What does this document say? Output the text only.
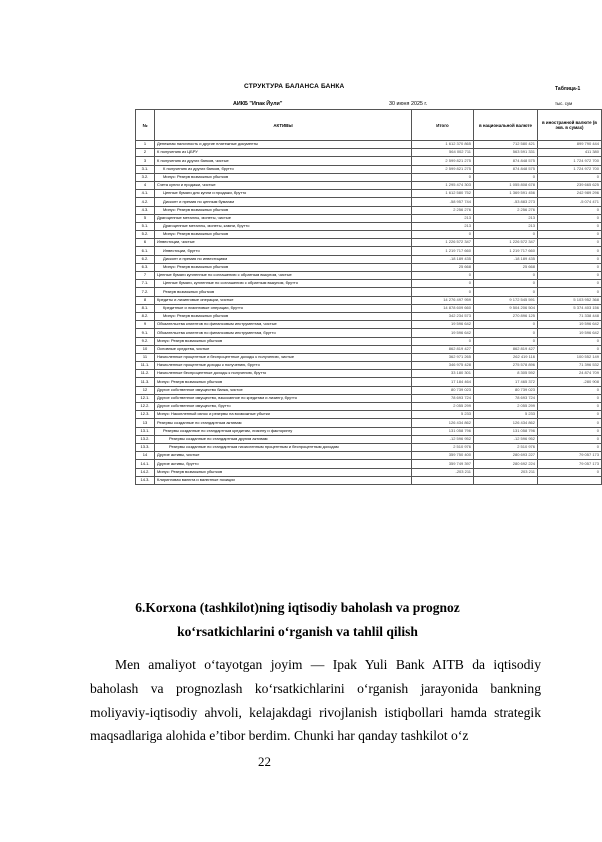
СТРУКТУРА БАЛАНСА БАНКА	Таблица-1
АИКБ "Ипак Йули"	30 июня 2025 г.	тыс. сум
№	АКТИВЫ	Итого	в национальной валюте	в иностранной валюте (в экв. в сумах)
1	Денежная наличность и другие платежные документы	1 612 370 865	712 580 421	899 790 444
2	К получению из ЦБРУ	564 002 711	563 591 331	411 380
3	К получению из других банков, чистые	2 599 821 275	874 848 575	1 724 972 700
3.1.	К получению из других банков, брутто	2 599 821 275	874 848 575	1 724 972 700
3.2.	Минус: Резерв возможных убытков	0	0	0
4	Счета купли и продажи, чистые	1 295 474 303	1 055 808 678	239 665 625
4.1.	Ценные бумаги для купли и продажи, брутто	1 612 580 752	1 369 591 456	242 989 296
4.2.	Дисконт и премия по ценным бумагам	-58 957 744	-53 883 273	-5 074 471
4.3.	Минус: Резерв возможных убытков	2 256 276	2 256 276	0
5	Драгоценные металлы, монеты, чистые	213	213	0
5.1.	Драгоценные металлы, монеты, камни, брутто	213	213	0
5.2.	Минус: Резерв возможных убытков	0	0	0
6	Инвестиции, чистые	1 226 572 347	1 226 572 347	0
6.1.	Инвестиции, брутто	1 219 717 660	1 219 717 660	0
6.2.	Дисконт и премия по инвестициям	-18 189 435	-18 189 435	0
6.3.	Минус: Резерв возможных убытков	25 668	25 668	0
7	Ценные бумаги купленные по соглашению с обратным выкупом, чистые	0	0	0
7.1.	Ценные бумаги, купленные по соглашению с обратным выкупом, брутто	0	0	0
7.2.	Резерв возможных убытков	0	0	0
8	Кредиты и лизинговые операции, чистые	14 276 497 959	9 172 545 591	5 103 952 368
8.1.	Кредитные и лизинговые операции, брутто	14 878 609 660	9 504 206 504	5 374 403 156
8.2.	Минус: Резерв возможных убытков	342 234 573	270 896 125	71 338 448
9	Обязательства клиентов по финансовым инструментам, чистые	19 596 642	0	19 596 642
9.1.	Обязательства клиентов по финансовым инструментам, брутто	19 596 642	0	19 596 642
9.2.	Минус: Резерв возможных убытков	0	0	0
10	Основные средства, чистые	862 819 427	862 819 427	0
11	Начисленные процентные и беспроцентные доходы к получению, чистые	362 971 265	262 419 116	100 552 149
11.1.	Начисленные процентные доходы к получению, брутто	346 975 428	275 578 896	71 396 532
11.2.	Начисленные беспроцентные доходы к получению, брутто	33 180 301	8 305 592	24 874 709
11.3.	Минус: Резерв возможных убытков	17 184 464	17 465 372	-280 908
12	Другое собственное имущество банка, чистое	80 739 023	80 739 023	0
12.1.	Другое собственное имущество, взысканное по кредитам и лизингу, брутто	78 693 724	78 693 724	0
12.2.	Другое собственное имущество, брутто	2 055 299	2 055 299	0
12.3.	Минус: Накопленный износ и резервы на возможные убытки	5 233	5 233	0
13	Резервы созданные по стандартным активам	126 434 862	126 434 862	0
13.1.	Резервы созданные по стандартным кредитам, лизингу и факторингу	131 058 796	131 058 796	0
13.2.	Резервы созданные по стандартным другим активам	-12 596 952	-12 596 952	0
13.3.	Резервы созданные по стандартным начисленным процентным и беспроцентным доходам	2 510 976	2 510 976	0
14	Другие активы, чистые	359 750 400	280 693 227	79 057 173
14.1.	Другие активы, брутто	359 749 397	280 692 224	79 057 173
14.2.	Минус: Резерв возможных убытков	-203 211	203 211	0
14.3.	Клиринговая валюта и валютные позиции			
6.Korxona (tashkilot)ning iqtisodiy baholash va prognoz
ko‘rsatkichlarini o‘rganish va tahlil qilish
Men amaliyot o‘tayotgan joyim — Ipak Yuli Bank AITB da iqtisodiy baholash va prognozlash ko‘rsatkichlarini o‘rganish jarayonida bankning moliyaviy-iqtisodiy ahvoli, kelajakdagi rivojlanish istiqbollari hamda strategik maqsadlariga alohida e’tibor berdim. Chunki har qanday tashkilot o‘z
22
